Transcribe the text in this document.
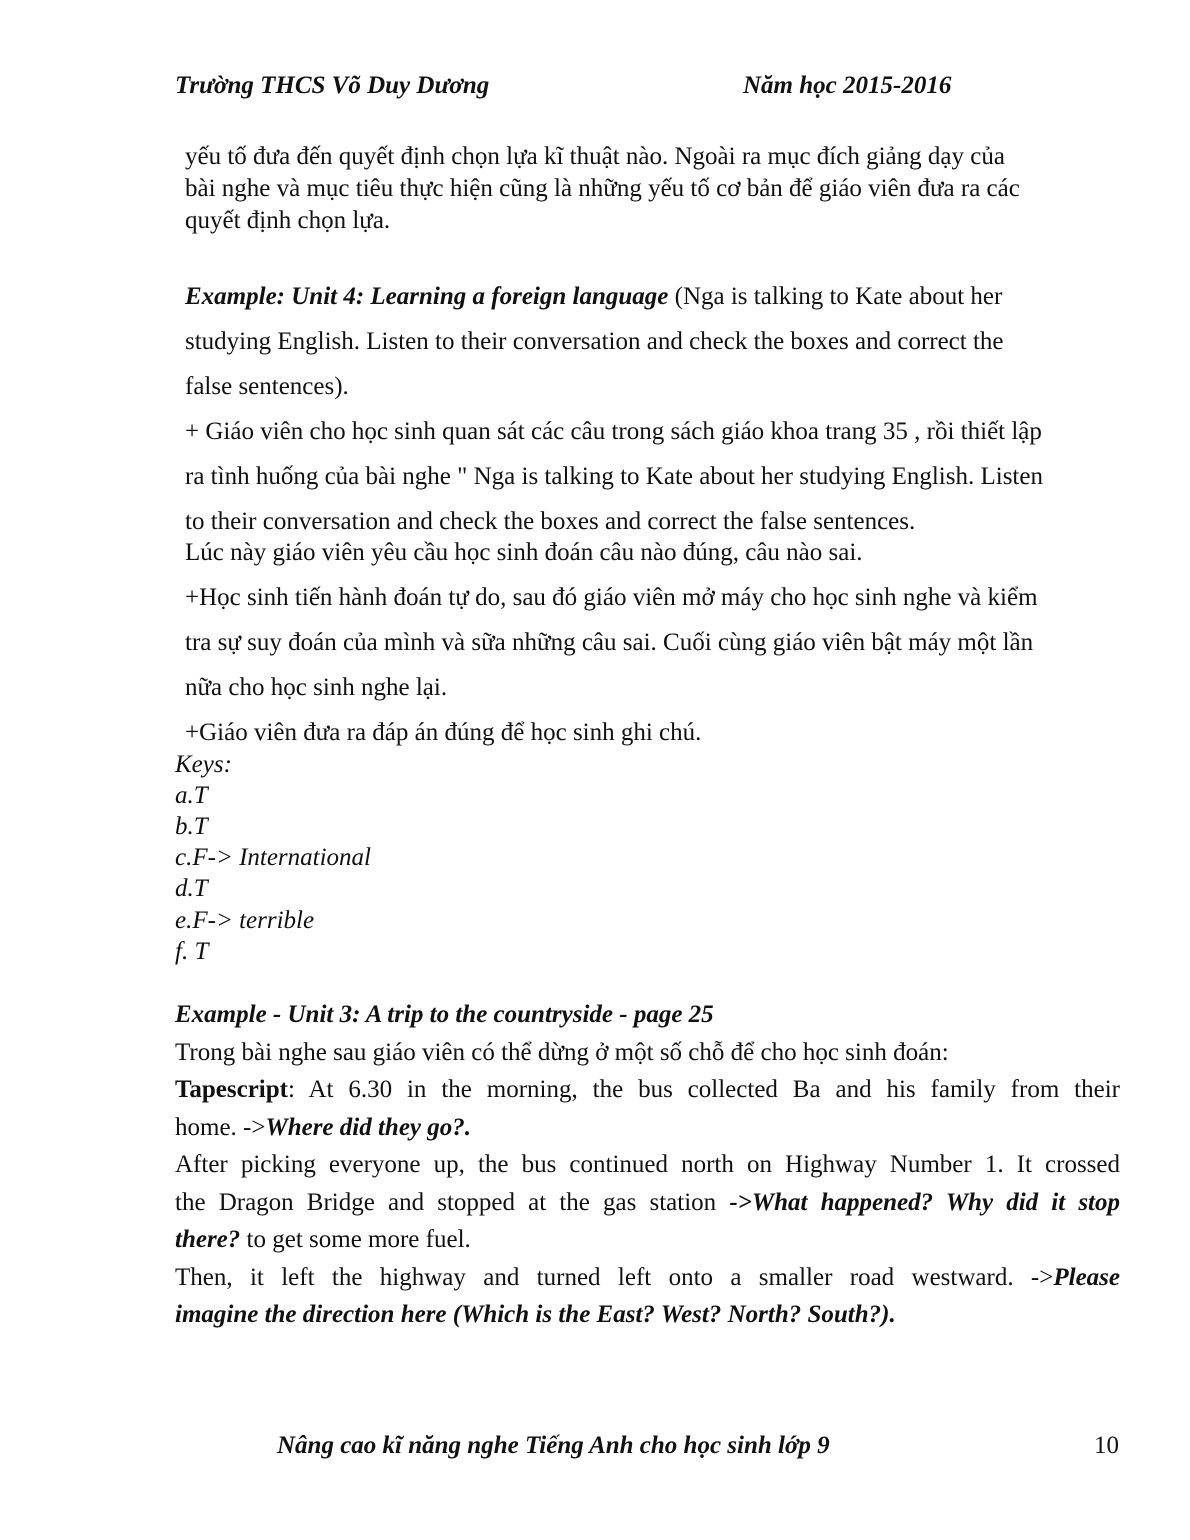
Trường THCS Võ Duy Dương	Năm học 2015-2016
yếu tố đưa đến quyết định chọn lựa kĩ thuật nào. Ngoài ra mục đích giảng dạy của
bài nghe và mục tiêu thực hiện cũng là những yếu tố cơ bản để giáo viên đưa ra các
quyết định chọn lựa.
Example: Unit 4: Learning a foreign language (Nga is talking to Kate about her
studying English. Listen to their conversation and check the boxes and correct the
false sentences).
+ Giáo viên cho học sinh quan sát các câu trong sách giáo khoa trang 35 , rồi thiết lập
ra tình huống của bài nghe " Nga is talking to Kate about her studying English. Listen
to their conversation and check the boxes and correct the false sentences.
Lúc này giáo viên yêu cầu học sinh đoán câu nào đúng, câu nào sai.
+Học sinh tiến hành đoán tự do, sau đó giáo viên mở máy cho học sinh nghe và kiểm
tra sự suy đoán của mình và sữa những câu sai. Cuối cùng giáo viên bật máy một lần
nữa cho học sinh nghe lại.
+Giáo viên đưa ra đáp án đúng để học sinh ghi chú.
Keys:
a.T
b.T
c.F-> International
d.T
e.F-> terrible
f. T
Example - Unit 3: A trip to the countryside - page 25
Trong bài nghe sau giáo viên có thể dừng ở một số chỗ để cho học sinh đoán:
Tapescript: At 6.30 in the morning, the bus collected Ba and his family from their
home. ->Where did they go?.
After picking everyone up, the bus continued north on Highway Number 1. It crossed
the Dragon Bridge and stopped at the gas station ->What happened? Why did it stop
there? to get some more fuel.
Then, it left the highway and turned left onto a smaller road westward. ->Please
imagine the direction here (Which is the East? West? North? South?).
Nâng cao kĩ năng nghe Tiếng Anh cho học sinh lớp 9	10
